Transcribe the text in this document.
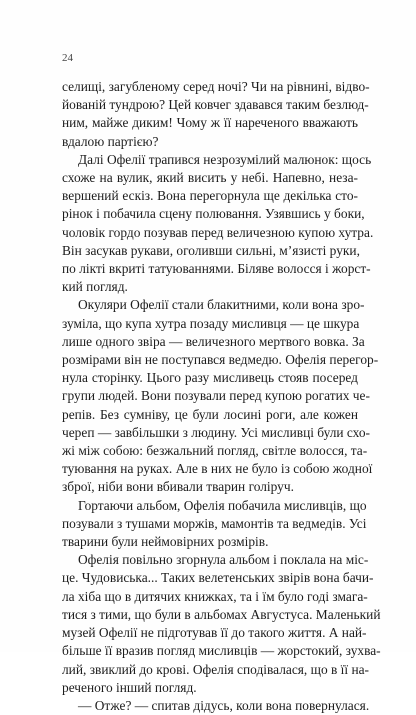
24
селищі, загубленому серед ночі? Чи на рівнині, відво-
йованій тундрою? Цей ковчег здавався таким безлюд-
ним, майже диким! Чому ж її нареченого вважають
вдалою партією?
Далі Офелії трапився незрозумілий малюнок: щось
схоже на вулик, який висить у небі. Напевно, неза-
вершений ескіз. Вона перегорнула ще декілька сто-
рінок і побачила сцену полювання. Узявшись у боки,
чоловік гордо позував перед величезною купою хутра.
Він засукав рукави, оголивши сильні, м’язисті руки,
по лікті вкриті татуюваннями. Біляве волосся і жорст-
кий погляд.
Окуляри Офелії стали блакитними, коли вона зро-
зуміла, що купа хутра позаду мисливця — це шкура
лише одного звіра — величезного мертвого вовка. За
розмірами він не поступався ведмедю. Офелія перегор-
нула сторінку. Цього разу мисливець стояв посеред
групи людей. Вони позували перед купою рогатих че-
репів. Без сумніву, це були лосині роги, але кожен
череп — завбільшки з людину. Усі мисливці були схо-
жі між собою: безжальний погляд, світле волосся, та-
туювання на руках. Але в них не було із собою жодної
зброї, ніби вони вбивали тварин голіруч.
Гортаючи альбом, Офелія побачила мисливців, що
позували з тушами моржів, мамонтів та ведмедів. Усі
тварини були неймовірних розмірів.
Офелія повільно згорнула альбом і поклала на міс-
це. Чудовиська... Таких велетенських звірів вона бачи-
ла хіба що в дитячих книжках, та і їм було годі змага-
тися з тими, що були в альбомах Августуса. Маленький
музей Офелії не підготував її до такого життя. А най-
більше її вразив погляд мисливців — жорстокий, зухва-
лий, звиклий до крові. Офелія сподівалася, що в її на-
реченого інший погляд.
— Отже? — спитав дідусь, коли вона повернулася.
